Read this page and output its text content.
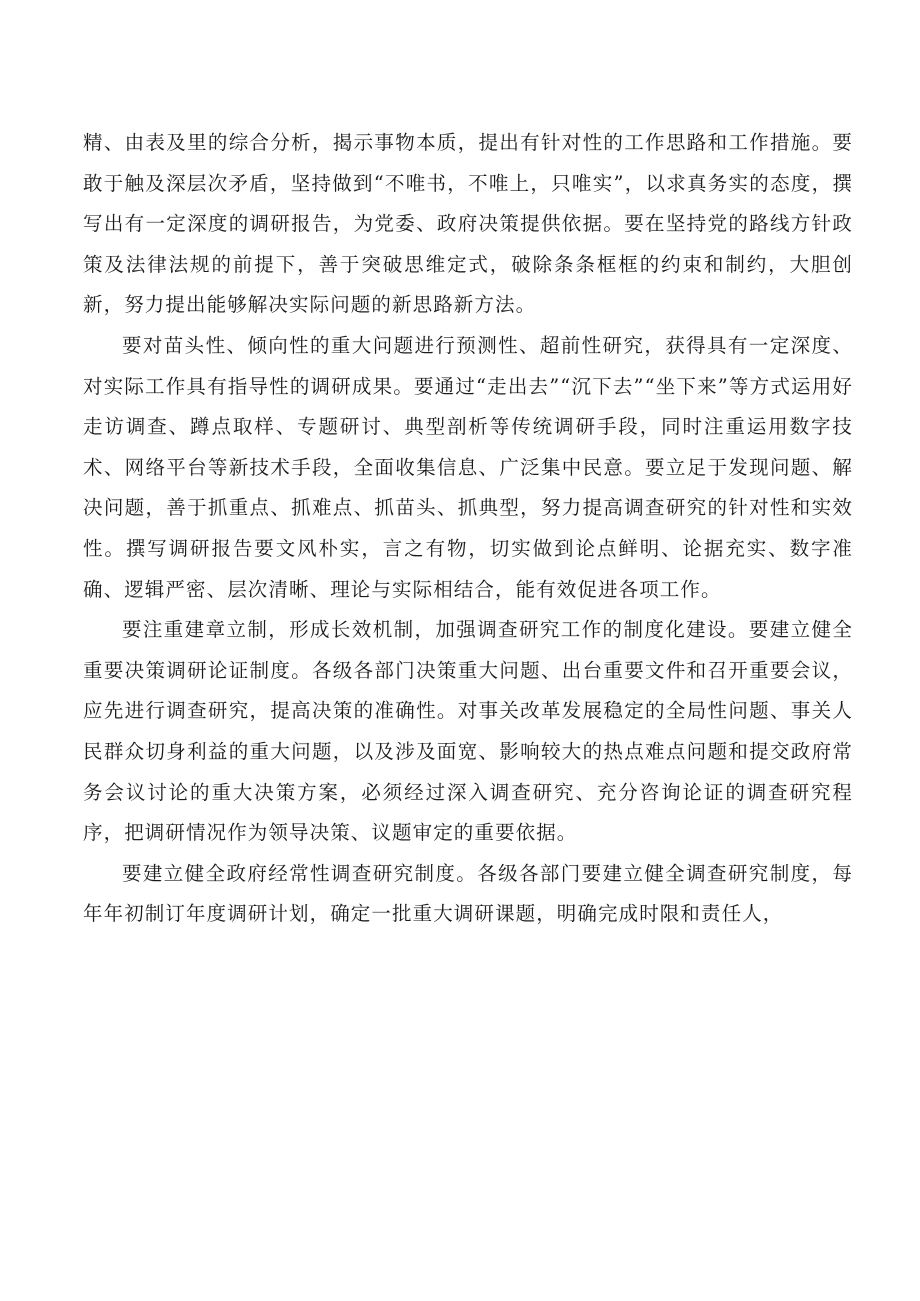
精、由表及里的综合分析，揭示事物本质，提出有针对性的工作思路和工作措施。要敢于触及深层次矛盾，坚持做到“不唯书，不唯上，只唯实”，以求真务实的态度，撰写出有一定深度的调研报告，为党委、政府决策提供依据。要在坚持党的路线方针政策及法律法规的前提下，善于突破思维定式，破除条条框框的约束和制约，大胆创新，努力提出能够解决实际问题的新思路新方法。

要对苗头性、倾向性的重大问题进行预测性、超前性研究，获得具有一定深度、对实际工作具有指导性的调研成果。要通过“走出去”“沉下去”“坐下来”等方式运用好走访调查、蹲点取样、专题研讨、典型剖析等传统调研手段，同时注重运用数字技术、网络平台等新技术手段，全面收集信息、广泛集中民意。要立足于发现问题、解决问题，善于抓重点、抓难点、抓苗头、抓典型，努力提高调查研究的针对性和实效性。撰写调研报告要文风朴实，言之有物，切实做到论点鲜明、论据充实、数字准确、逻辑严密、层次清晰、理论与实际相结合，能有效促进各项工作。

要注重建章立制，形成长效机制，加强调查研究工作的制度化建设。要建立健全重要决策调研论证制度。各级各部门决策重大问题、出台重要文件和召开重要会议，应先进行调查研究，提高决策的准确性。对事关改革发展稳定的全局性问题、事关人民群众切身利益的重大问题，以及涉及面宽、影响较大的热点难点问题和提交政府常务会议讨论的重大决策方案，必须经过深入调查研究、充分咨询论证的调查研究程序，把调研情况作为领导决策、议题审定的重要依据。

要建立健全政府经常性调查研究制度。各级各部门要建立健全调查研究制度，每年年初制订年度调研计划，确定一批重大调研课题，明确完成时限和责任人，
